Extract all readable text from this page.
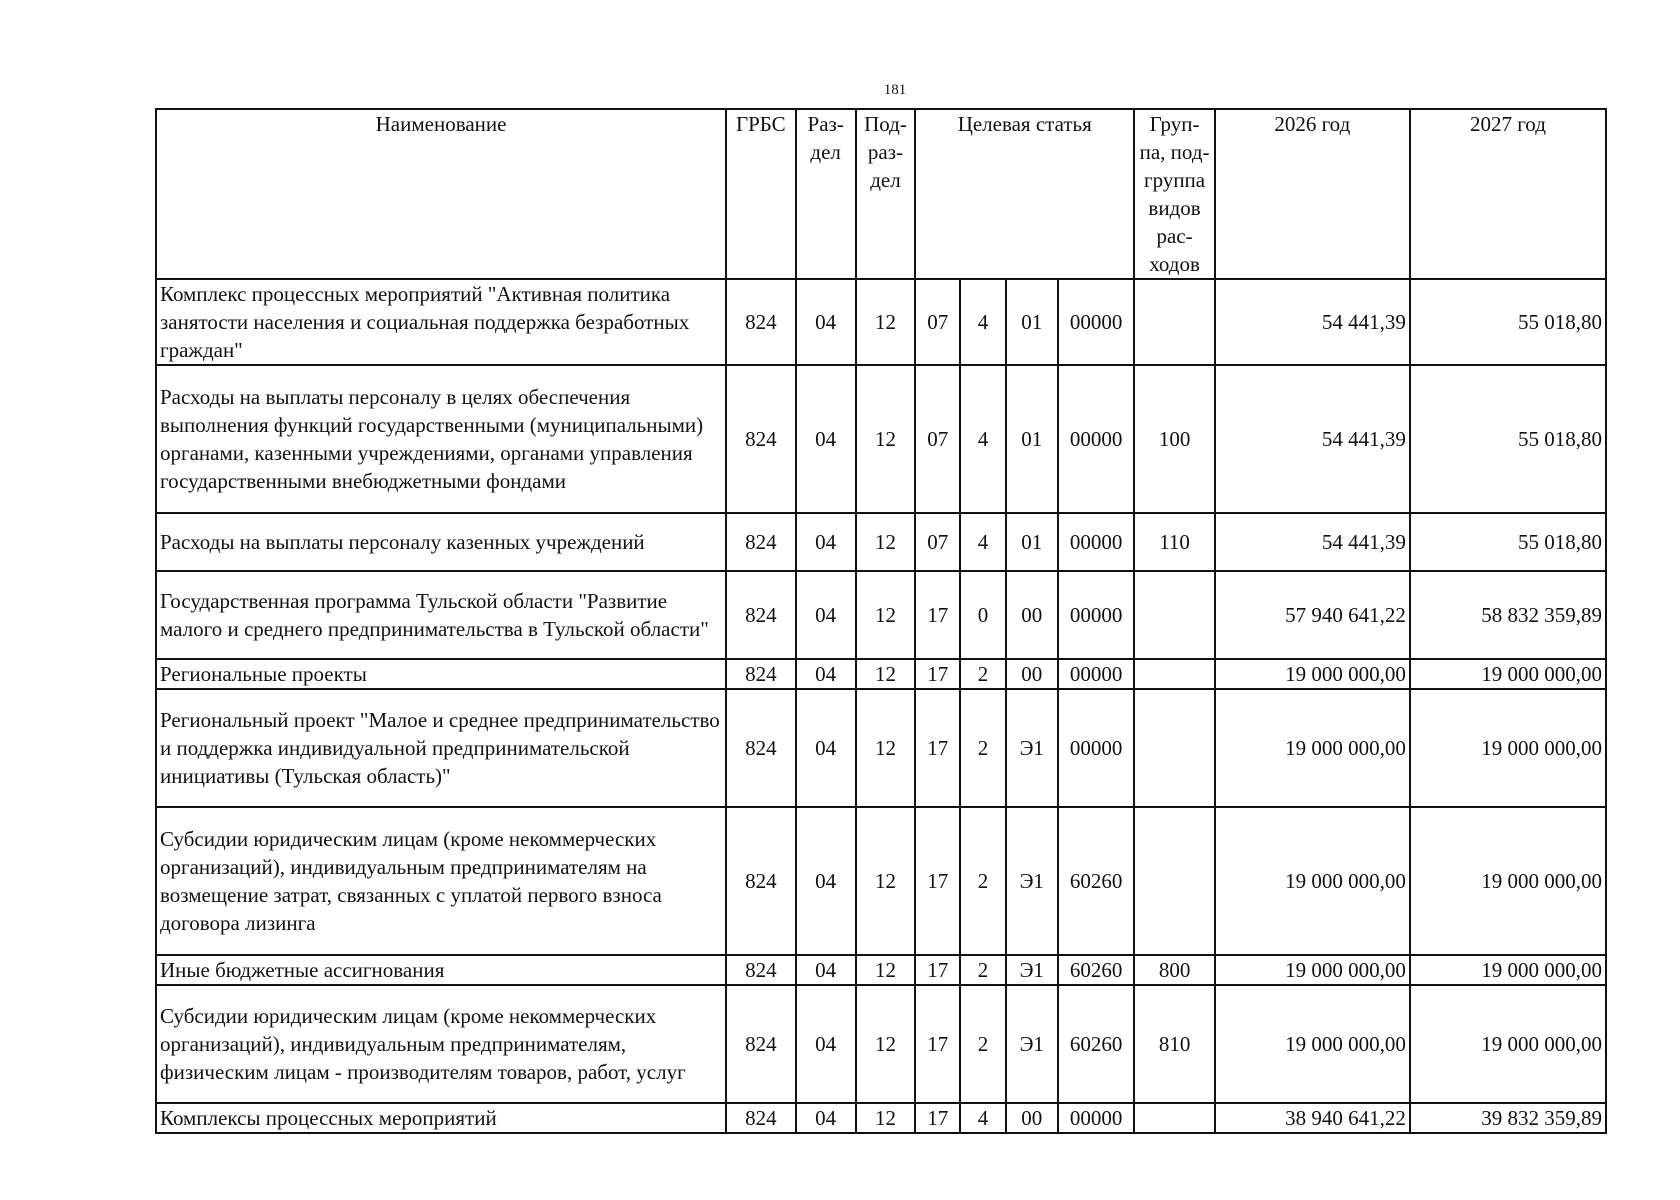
181
Наименование	ГРБС	Раз-дел	Под-раз-дел	Целевая статья				Груп-па, под-группа видов рас-ходов	2026 год	2027 год
Комплекс процессных мероприятий "Активная политика занятости населения и социальная поддержка безработных граждан"	824	04	12	07	4	01	00000		54 441,39	55 018,80
Расходы на выплаты персоналу в целях обеспечения выполнения функций государственными (муниципальными) органами, казенными учреждениями, органами управления государственными внебюджетными фондами	824	04	12	07	4	01	00000	100	54 441,39	55 018,80
Расходы на выплаты персоналу казенных учреждений	824	04	12	07	4	01	00000	110	54 441,39	55 018,80
Государственная программа Тульской области "Развитие малого и среднего предпринимательства в Тульской области"	824	04	12	17	0	00	00000		57 940 641,22	58 832 359,89
Региональные проекты	824	04	12	17	2	00	00000		19 000 000,00	19 000 000,00
Региональный проект "Малое и среднее предпринимательство и поддержка индивидуальной предпринимательской инициативы (Тульская область)"	824	04	12	17	2	Э1	00000		19 000 000,00	19 000 000,00
Субсидии юридическим лицам (кроме некоммерческих организаций), индивидуальным предпринимателям на возмещение затрат, связанных с уплатой первого взноса договора лизинга	824	04	12	17	2	Э1	60260		19 000 000,00	19 000 000,00
Иные бюджетные ассигнования	824	04	12	17	2	Э1	60260	800	19 000 000,00	19 000 000,00
Субсидии юридическим лицам (кроме некоммерческих организаций), индивидуальным предпринимателям, физическим лицам - производителям товаров, работ, услуг	824	04	12	17	2	Э1	60260	810	19 000 000,00	19 000 000,00
Комплексы процессных мероприятий	824	04	12	17	4	00	00000		38 940 641,22	39 832 359,89
